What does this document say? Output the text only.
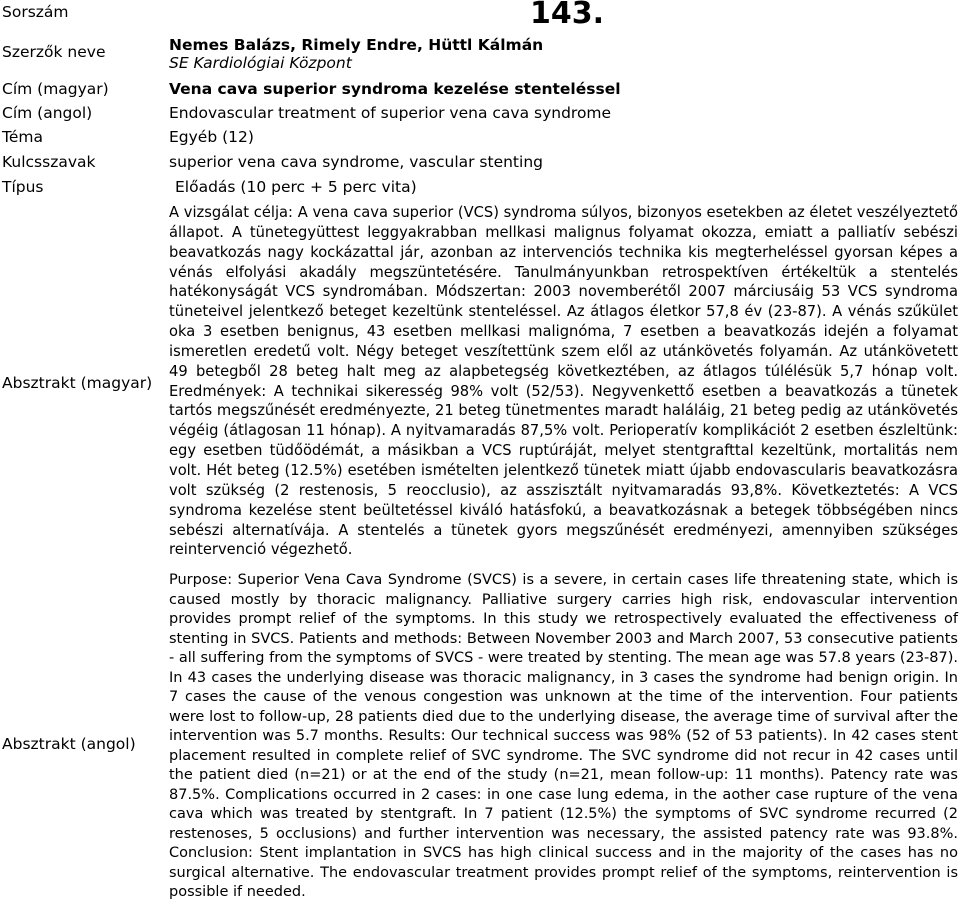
Sorszám
Szerzők neve
Cím (magyar)
Cím (angol)
Téma
Kulcsszavak
Típus
Absztrakt (magyar)
Absztrakt (angol)
143.
Nemes Balázs, Rimely Endre, Hüttl Kálmán
SE Kardiológiai Központ
Vena cava superior syndroma kezelése stenteléssel
Endovascular treatment of superior vena cava syndrome
Egyéb (12)
superior vena cava syndrome, vascular stenting
Előadás (10 perc + 5 perc vita)

A vizsgálat célja: A vena cava superior (VCS) syndroma súlyos, bizonyos esetekben az életet veszélyeztető állapot. A tünetegyüttest leggyakrabban mellkasi malignus folyamat okozza, emiatt a palliatív sebészi beavatkozás nagy kockázattal jár, azonban az intervenciós technika kis megterheléssel gyorsan képes a vénás elfolyási akadály megszüntetésére. Tanulmányunkban retrospektíven értékeltük a stentelés hatékonyságát VCS syndromában. Módszertan: 2003 novemberétől 2007 márciusáig 53 VCS syndroma tüneteivel jelentkező beteget kezeltünk stenteléssel. Az átlagos életkor 57,8 év (23-87). A vénás szűkület oka 3 esetben benignus, 43 esetben mellkasi malignóma, 7 esetben a beavatkozás idején a folyamat ismeretlen eredetű volt. Négy beteget veszítettünk szem elől az utánkövetés folyamán. Az utánkövetett 49 betegből 28 beteg halt meg az alapbetegség következtében, az átlagos túlélésük 5,7 hónap volt. Eredmények: A technikai sikeresség 98% volt (52/53). Negyvenkettő esetben a beavatkozás a tünetek tartós megszűnését eredményezte, 21 beteg tünetmentes maradt haláláig, 21 beteg pedig az utánkövetés végéig (átlagosan 11 hónap). A nyitvamaradás 87,5% volt. Perioperatív komplikációt 2 esetben észleltünk: egy esetben tüdőödémát, a másikban a VCS ruptúráját, melyet stentgrafttal kezeltünk, mortalitás nem volt. Hét beteg (12.5%) esetében ismételten jelentkező tünetek miatt újabb endovascularis beavatkozásra volt szükség (2 restenosis, 5 reocclusio), az asszisztált nyitvamaradás 93,8%. Következtetés: A VCS syndroma kezelése stent beültetéssel kiváló hatásfokú, a beavatkozásnak a betegek többségében nincs sebészi alternatívája. A stentelés a tünetek gyors megszűnését eredményezi, amennyiben szükséges reintervenció végezhető.

Purpose: Superior Vena Cava Syndrome (SVCS) is a severe, in certain cases life threatening state, which is caused mostly by thoracic malignancy. Palliative surgery carries high risk, endovascular intervention provides prompt relief of the symptoms. In this study we retrospectively evaluated the effectiveness of stenting in SVCS. Patients and methods: Between November 2003 and March 2007, 53 consecutive patients - all suffering from the symptoms of SVCS - were treated by stenting. The mean age was 57.8 years (23-87). In 43 cases the underlying disease was thoracic malignancy, in 3 cases the syndrome had benign origin. In 7 cases the cause of the venous congestion was unknown at the time of the intervention. Four patients were lost to follow-up, 28 patients died due to the underlying disease, the average time of survival after the intervention was 5.7 months. Results: Our technical success was 98% (52 of 53 patients). In 42 cases stent placement resulted in complete relief of SVC syndrome. The SVC syndrome did not recur in 42 cases until the patient died (n=21) or at the end of the study (n=21, mean follow-up: 11 months). Patency rate was 87.5%. Complications occurred in 2 cases: in one case lung edema, in the aother case rupture of the vena cava which was treated by stentgraft. In 7 patient (12.5%) the symptoms of SVC syndrome recurred (2 restenoses, 5 occlusions) and further intervention was necessary, the assisted patency rate was 93.8%. Conclusion: Stent implantation in SVCS has high clinical success and in the majority of the cases has no surgical alternative. The endovascular treatment provides prompt relief of the symptoms, reintervention is possible if needed.
